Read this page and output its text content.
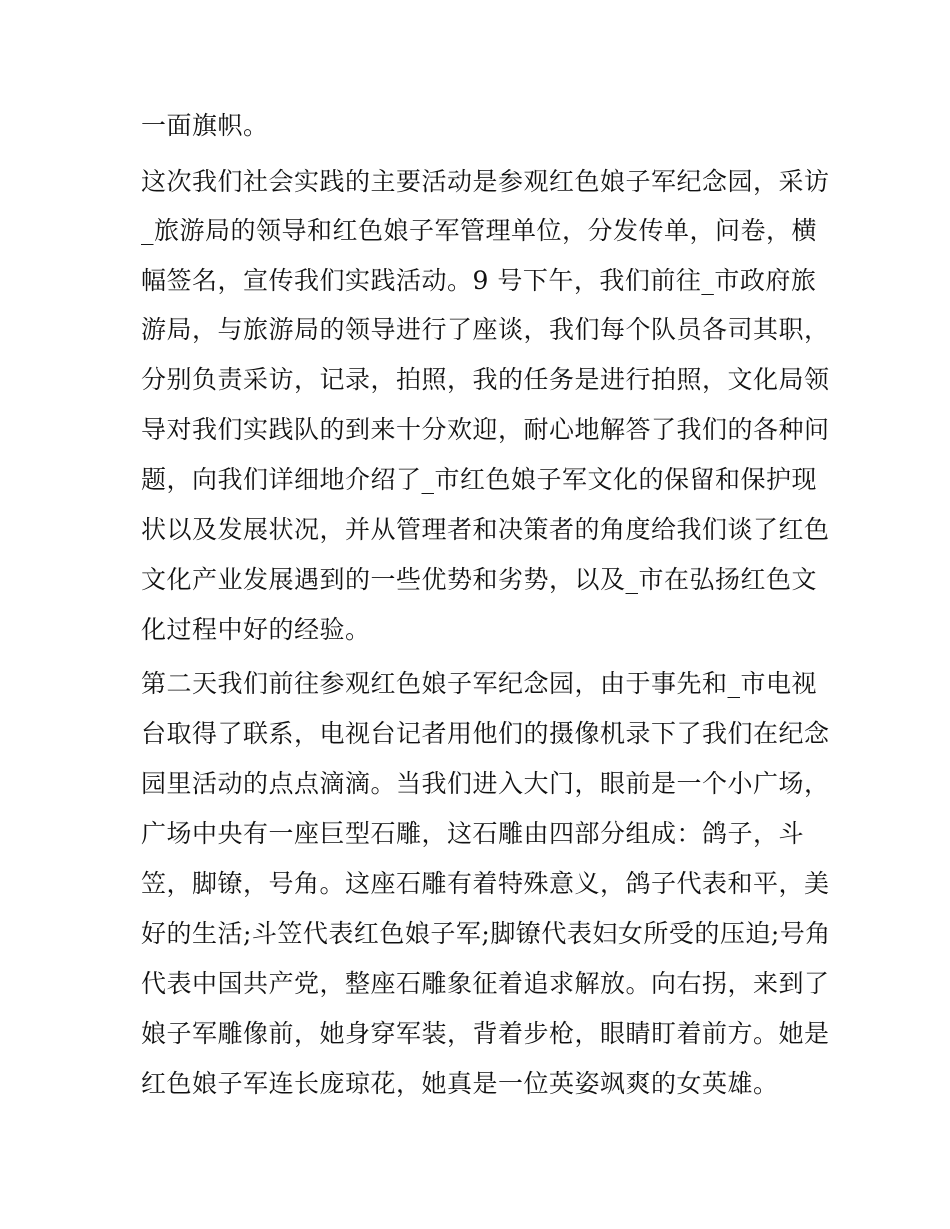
一面旗帜。
这次我们社会实践的主要活动是参观红色娘子军纪念园，采访
_旅游局的领导和红色娘子军管理单位，分发传单，问卷，横
幅签名，宣传我们实践活动。9 号下午，我们前往_市政府旅
游局，与旅游局的领导进行了座谈，我们每个队员各司其职，
分别负责采访，记录，拍照，我的任务是进行拍照，文化局领
导对我们实践队的到来十分欢迎，耐心地解答了我们的各种问
题，向我们详细地介绍了_市红色娘子军文化的保留和保护现
状以及发展状况，并从管理者和决策者的角度给我们谈了红色
文化产业发展遇到的一些优势和劣势，以及_市在弘扬红色文
化过程中好的经验。
第二天我们前往参观红色娘子军纪念园，由于事先和_市电视
台取得了联系，电视台记者用他们的摄像机录下了我们在纪念
园里活动的点点滴滴。当我们进入大门，眼前是一个小广场，
广场中央有一座巨型石雕，这石雕由四部分组成：鸽子，斗
笠，脚镣，号角。这座石雕有着特殊意义，鸽子代表和平，美
好的生活;斗笠代表红色娘子军;脚镣代表妇女所受的压迫;号角
代表中国共产党，整座石雕象征着追求解放。向右拐，来到了
娘子军雕像前，她身穿军装，背着步枪，眼睛盯着前方。她是
红色娘子军连长庞琼花，她真是一位英姿飒爽的女英雄。
